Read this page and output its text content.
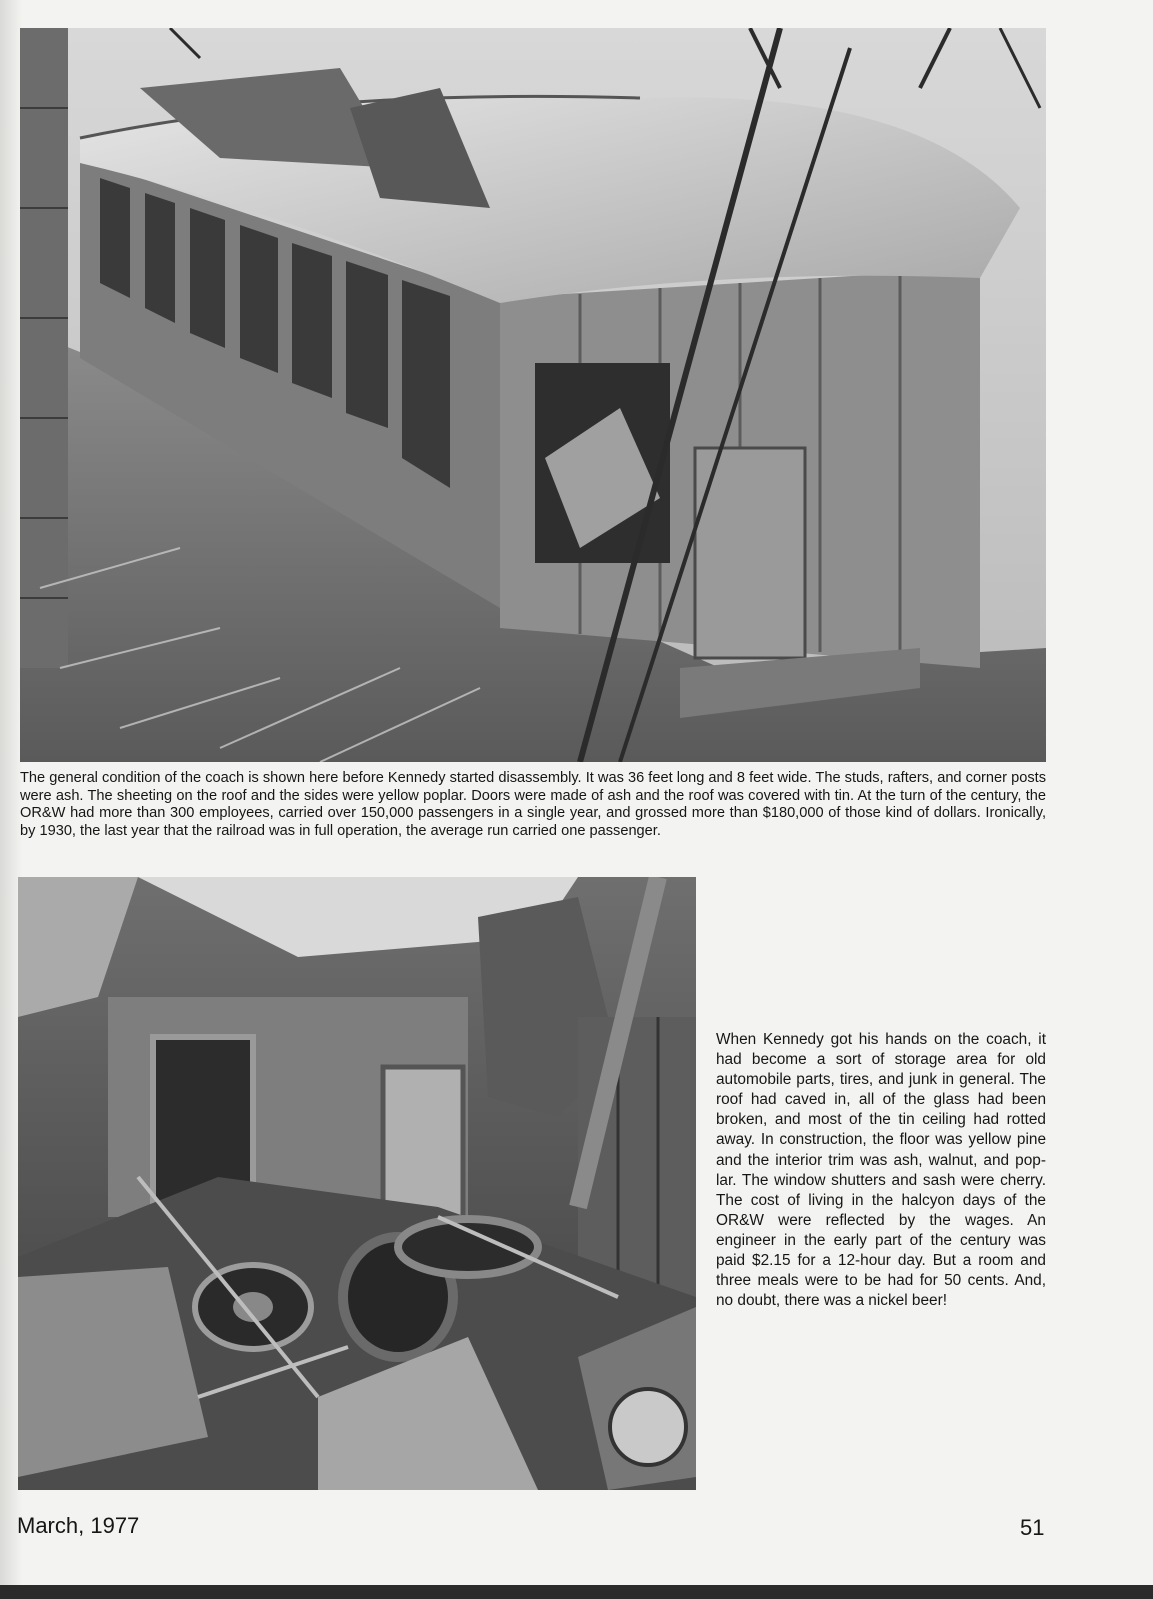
The general condition of the coach is shown here before Kennedy started disassembly. It was 36 feet long and 8 feet wide. The studs, rafters, and corner posts were ash. The sheeting on the roof and the sides were yellow poplar. Doors were made of ash and the roof was covered with tin. At the turn of the century, the OR&W had more than 300 employees, carried over 150,000 passengers in a single year, and grossed more than $180,000 of those kind of dollars. Ironically, by 1930, the last year that the railroad was in full operation, the average run carried one passenger.

When Kennedy got his hands on the coach, it had become a sort of storage area for old automobile parts, tires, and junk in general. The roof had caved in, all of the glass had been broken, and most of the tin ceiling had rotted away. In construction, the floor was yellow pine and the interior trim was ash, walnut, and poplar. The window shutters and sash were cherry. The cost of living in the halcyon days of the OR&W were reflected by the wages. An engineer in the early part of the century was paid $2.15 for a 12-hour day. But a room and three meals were to be had for 50 cents. And, no doubt, there was a nickel beer!

March, 1977	51
